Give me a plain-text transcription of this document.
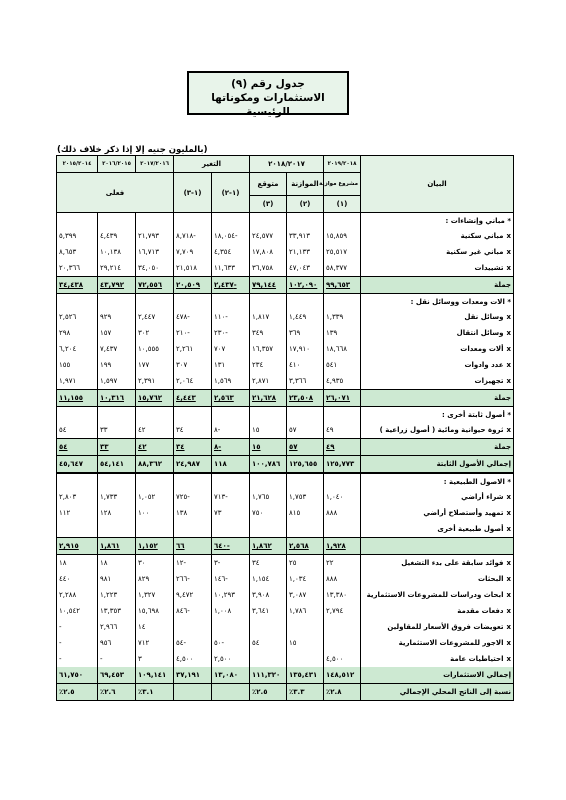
جدول رقم (٩)
الاستثمارات ومكوناتها الرئيسية
(بالمليون جنيه إلا إذا ذكر خلاف ذلك)
البيان	٢٠١٩/٢٠١٨	٢٠١٨/٢٠١٧		التغير		٢٠١٧/٢٠١٦	٢٠١٦/٢٠١٥	٢٠١٥/٢٠١٤
	مشروع موازنة	الموازنة	متوقع	(١-٢)	(١-٣)	فعلى		
	(١)	(٢)	(٣)					
* مباني وإنشاءات :								
xمباني سكنية	١٥,٨٥٩	٣٣,٩١٣	٢٤,٥٧٧	١٨,٠٥٤-	٨,٧١٨-	٢١,٧٩٣	٤,٤٣٩	٥,٣٩٩
xمباني غير سكنية	٢٥,٥١٧	٢١,١٣٣	١٧,٨٠٨	٤,٣٥٤	٧,٧٠٩	١٦,٧١٣	١٠,١٣٨	٨,٦٥٣
xتشييدات	٥٨,٣٧٧	٤٧,٠٤٣	٣٦,٧٥٨	١١,٦٣٣	٢١,٥١٨	٣٤,٠٥٠	٢٩,٢١٤	٢٠,٣٦٦
جملة	٩٩,٦٥٣	١٠٢,٠٩٠	٧٩,١٤٤	٢,٤٣٧-	٢٠,٥٠٩	٧٢,٥٥٦	٤٣,٧٩٢	٣٤,٤٣٨
* الات ومعدات ووسائل نقل :								
xوسائل نقل	١,٣٣٩	١,٤٤٩	١,٨١٧	١١٠-	٤٧٨-	٢,٤٤٧	٩٢٩	٢,٥٢٦
xوسائل انتقال	١٣٩	٣٦٩	٣٤٩	٢٣٠-	٢١٠-	٣٠٢	١٥٧	٢٩٨
xألات ومعدات	١٨,٦٦٨	١٧,٩١٠	١٦,٣٥٧	٧٠٧	٢,٢٦١	١٠,٥٥٥	٧,٤٣٧	٦,٢٠٤
xعدد وادوات	٥٤١	٤١٠	٢٣٤	١٣١	٣٠٧	١٧٧	١٩٩	١٥٥
xتجهيزات	٤,٩٣٥	٣,٣٦٦	٢,٨٧١	١,٥٦٩	٢,٠٦٤	٢,٣٩١	١,٥٩٧	١,٩٧١
جملة	٢٦,٠٧١	٢٣,٥٠٨	٢١,٦٢٨	٢,٥٦٣	٤,٤٤٣	١٥,٧٦٢	١٠,٣١٦	١١,١٥٥
* أصول ثابتة أخرى :								
xثروة حيوانية ومائية ( أصول زراعية )	٤٩	٥٧	١٥	٨-	٣٤	٤٢	٣٣	٥٤
جملة	٤٩	٥٧	١٥	٨-	٣٤	٤٢	٣٣	٥٤
إجمالي الأصول الثابتة	١٢٥,٧٧٣	١٢٥,٦٥٥	١٠٠,٧٨٦	١١٨	٢٤,٩٨٧	٨٨,٣٦٢	٥٤,١٤١	٤٥,٦٤٧
* الاصول الطبيعية :								
xشراء أراضي	١,٠٤٠	١,٧٥٣	١,٧٦٥	٧١٣-	٧٢٥-	١,٠٥٢	١,٧٣٣	٢,٨٠٣
xتمهيد وأستصلاح أراضي	٨٨٨	٨١٥	٧٥٠	٧٣	١٣٨	١٠٠	١٢٨	١١٢
xأصول طبيعية أخرى								
	١,٩٢٨	٢,٥٦٨	١,٨٦٢	٦٤٠-	٦٦	١,١٥٢	١,٨٦١	٢,٩١٥
xفوائد سابقة على بدء التشغيل	٢٢	٢٥	٣٤	٣-	١٢-	٣٠	١٨	١٨
xالبحثات	٨٨٨	١,٠٣٤	١,١٥٤	١٤٦-	٢٦٦-	٨٢٩	٩٨١	٤٤٠
xابحاث ودراسات للمشروعات الاستثمارية	١٣,٣٨٠	٣,٠٨٧	٣,٩٠٨	١٠,٢٩٣	٩,٤٧٢	١,٣٢٧	١,٢٢٣	٢,٢٨٨
xدفعات مقدمة	٢,٧٩٤	١,٧٨٦	٣,٦٤١	١,٠٠٨	٨٤٦-	١٥,٦٩٨	١٣,٣٥٣	١٠,٥٤٢
xتعويضات فروق الأسعار للمقاولين						١٤	٢,٩٦٦	-
xالاجور للمشروعات الاستثمارية		١٥	٥٤	٥٠-	٥٤-	٧١٢	٩٥٦	-
xاحتياطيات عامة	٤,٥٠٠			٢,٥٠٠	٤,٥٠٠	٣	-	-
إجمالي الاستثمارات	١٤٨,٥١٢	١٣٥,٤٣١	١١١,٣٢٠	١٣,٠٨٠	٣٧,١٩١	١٠٩,١٤١	٦٩,٤٥٣	٦١,٧٥٠
نسبة إلى الناتج المحلي الإجمالي	٪٢.٨	٪٣.٣	٪٢.٥			٪٣.١	٪٢.٦	٪٢.٥
